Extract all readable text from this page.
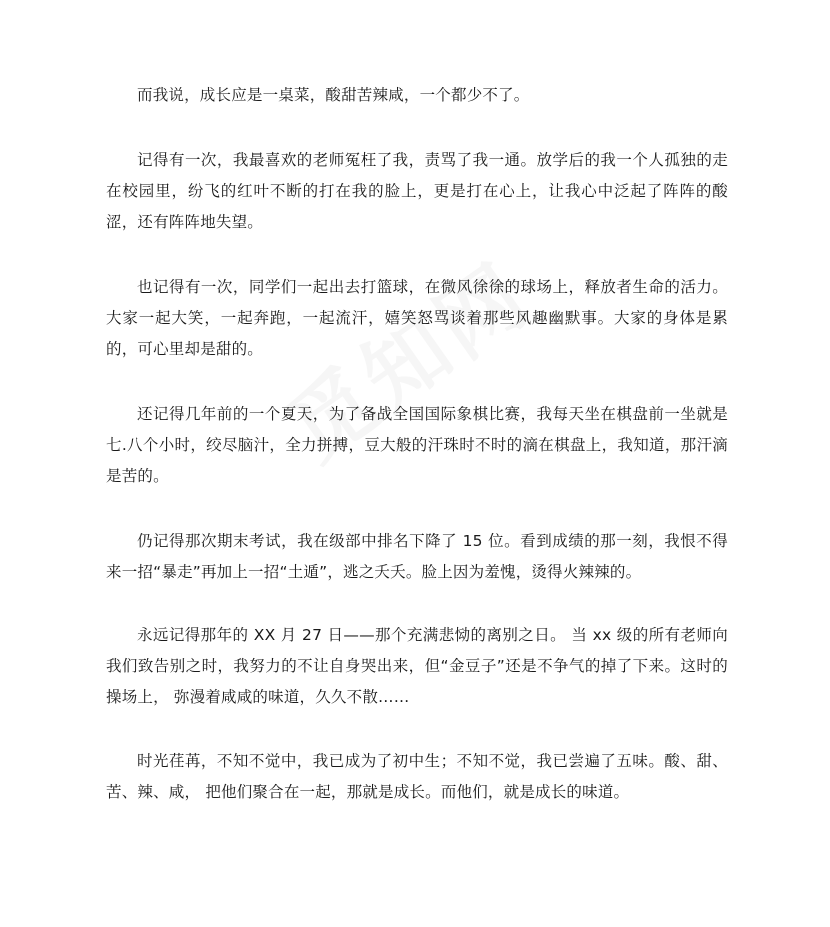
而我说，成长应是一桌菜，酸甜苦辣咸，一个都少不了。

记得有一次，我最喜欢的老师冤枉了我，责骂了我一通。放学后的我一个人孤独的走在校园里，纷飞的红叶不断的打在我的脸上，更是打在心上，让我心中泛起了阵阵的酸涩，还有阵阵地失望。

也记得有一次，同学们一起出去打篮球，在微风徐徐的球场上，释放者生命的活力。大家一起大笑，一起奔跑，一起流汗，嬉笑怒骂谈着那些风趣幽默事。大家的身体是累的，可心里却是甜的。

还记得几年前的一个夏天，为了备战全国国际象棋比赛，我每天坐在棋盘前一坐就是七.八个小时，绞尽脑汁，全力拼搏，豆大般的汗珠时不时的滴在棋盘上，我知道，那汗滴是苦的。

仍记得那次期末考试，我在级部中排名下降了 15 位。看到成绩的那一刻，我恨不得来一招“暴走”再加上一招“土遁”，逃之夭夭。脸上因为羞愧，烫得火辣辣的。

永远记得那年的 XX 月 27 日——那个充满悲恸的离别之日。 当 xx 级的所有老师向我们致告别之时，我努力的不让自身哭出来，但“金豆子”还是不争气的掉了下来。这时的操场上， 弥漫着咸咸的味道，久久不散……

时光荏苒，不知不觉中，我已成为了初中生；不知不觉，我已尝遍了五味。酸、甜、苦、辣、咸， 把他们聚合在一起，那就是成长。而他们，就是成长的味道。
